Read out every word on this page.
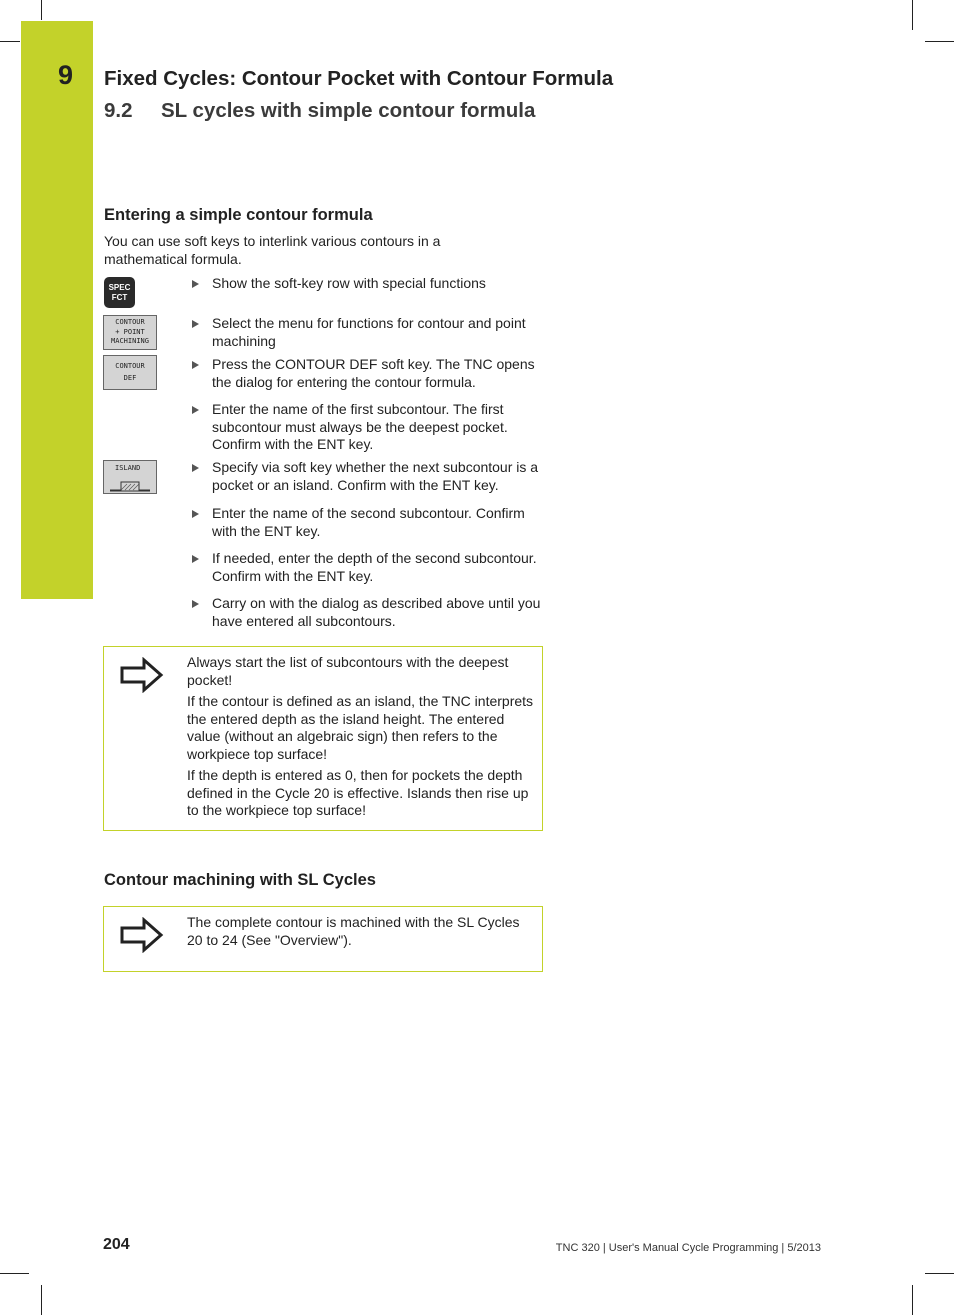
9 Fixed Cycles: Contour Pocket with Contour Formula
9.2 SL cycles with simple contour formula
Entering a simple contour formula
You can use soft keys to interlink various contours in a mathematical formula.
SPEC
FCT
CONTOUR
+ POINT
MACHINING
CONTOUR
DEF
ISLAND
Show the soft-key row with special functions
Select the menu for functions for contour and point machining
Press the CONTOUR DEF soft key. The TNC opens the dialog for entering the contour formula.
Enter the name of the first subcontour. The first subcontour must always be the deepest pocket. Confirm with the ENT key.
Specify via soft key whether the next subcontour is a pocket or an island. Confirm with the ENT key.
Enter the name of the second subcontour. Confirm with the ENT key.
If needed, enter the depth of the second subcontour. Confirm with the ENT key.
Carry on with the dialog as described above until you have entered all subcontours.

Always start the list of subcontours with the deepest pocket!

If the contour is defined as an island, the TNC interprets the entered depth as the island height. The entered value (without an algebraic sign) then refers to the workpiece top surface!

If the depth is entered as 0, then for pockets the depth defined in the Cycle 20 is effective. Islands then rise up to the workpiece top surface!

Contour machining with SL Cycles

The complete contour is machined with the SL Cycles 20 to 24 (See "Overview").

204	TNC 320 | User's Manual Cycle Programming | 5/2013
